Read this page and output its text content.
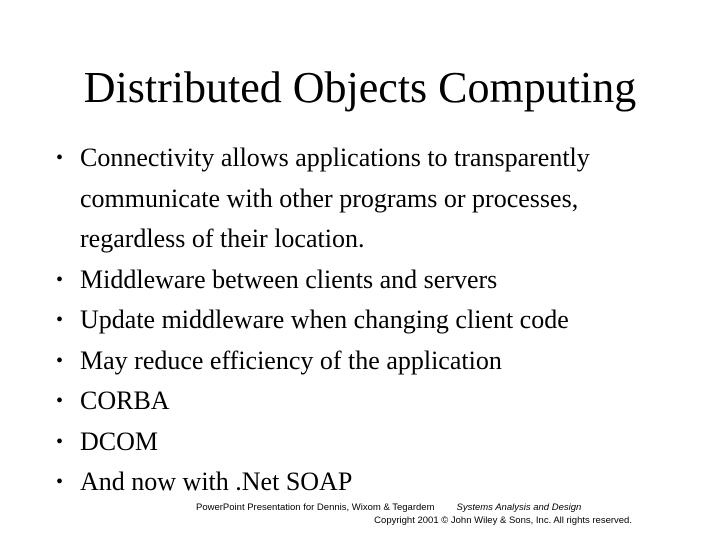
Distributed Objects Computing
• Connectivity allows applications to transparently communicate with other programs or processes, regardless of their location.
• Middleware between clients and servers
• Update middleware when changing client code
• May reduce efficiency of the application
• CORBA
• DCOM
• And now with .Net SOAP
PowerPoint Presentation for Dennis, Wixom & Tegardem Systems Analysis and Design
Copyright 2001 © John Wiley & Sons, Inc. All rights reserved.
